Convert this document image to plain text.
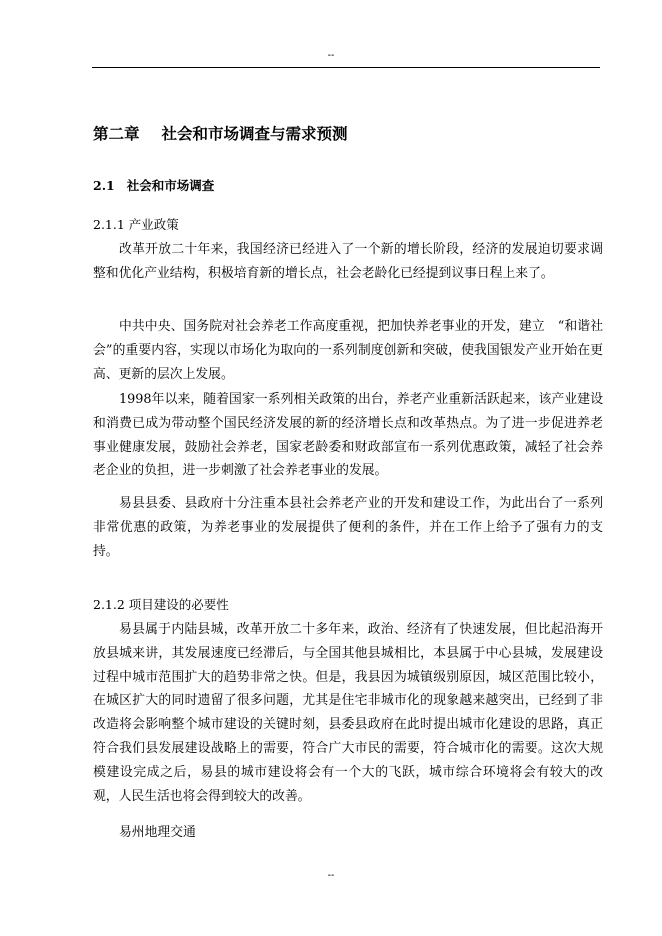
--
第二章 社会和市场调查与需求预测
2.1 社会和市场调查
2.1.1 产业政策

改革开放二十年来，我国经济已经进入了一个新的增长阶段，经济的发展迫切要求调整和优化产业结构，积极培育新的增长点，社会老龄化已经提到议事日程上来了。

中共中央、国务院对社会养老工作高度重视，把加快养老事业的开发，建立　“和谐社会”的重要内容，实现以市场化为取向的一系列制度创新和突破，使我国银发产业开始在更高、更新的层次上发展。

1998年以来，随着国家一系列相关政策的出台，养老产业重新活跃起来，该产业建设和消费已成为带动整个国民经济发展的新的经济增长点和改革热点。为了进一步促进养老事业健康发展，鼓励社会养老，国家老龄委和财政部宣布一系列优惠政策，减轻了社会养老企业的负担，进一步刺激了社会养老事业的发展。

易县县委、县政府十分注重本县社会养老产业的开发和建设工作，为此出台了一系列非常优惠的政策，为养老事业的发展提供了便利的条件，并在工作上给予了强有力的支持。

2.1.2 项目建设的必要性

易县属于内陆县城，改革开放二十多年来，政治、经济有了快速发展，但比起沿海开放县城来讲，其发展速度已经滞后，与全国其他县城相比，本县属于中心县城，发展建设过程中城市范围扩大的趋势非常之快。但是，我县因为城镇级别原因，城区范围比较小，在城区扩大的同时遗留了很多问题，尤其是住宅非城市化的现象越来越突出，已经到了非改造将会影响整个城市建设的关键时刻，县委县政府在此时提出城市化建设的思路，真正符合我们县发展建设战略上的需要，符合广大市民的需要，符合城市化的需要。这次大规模建设完成之后，易县的城市建设将会有一个大的飞跃，城市综合环境将会有较大的改观，人民生活也将会得到较大的改善。

易州地理交通
--
